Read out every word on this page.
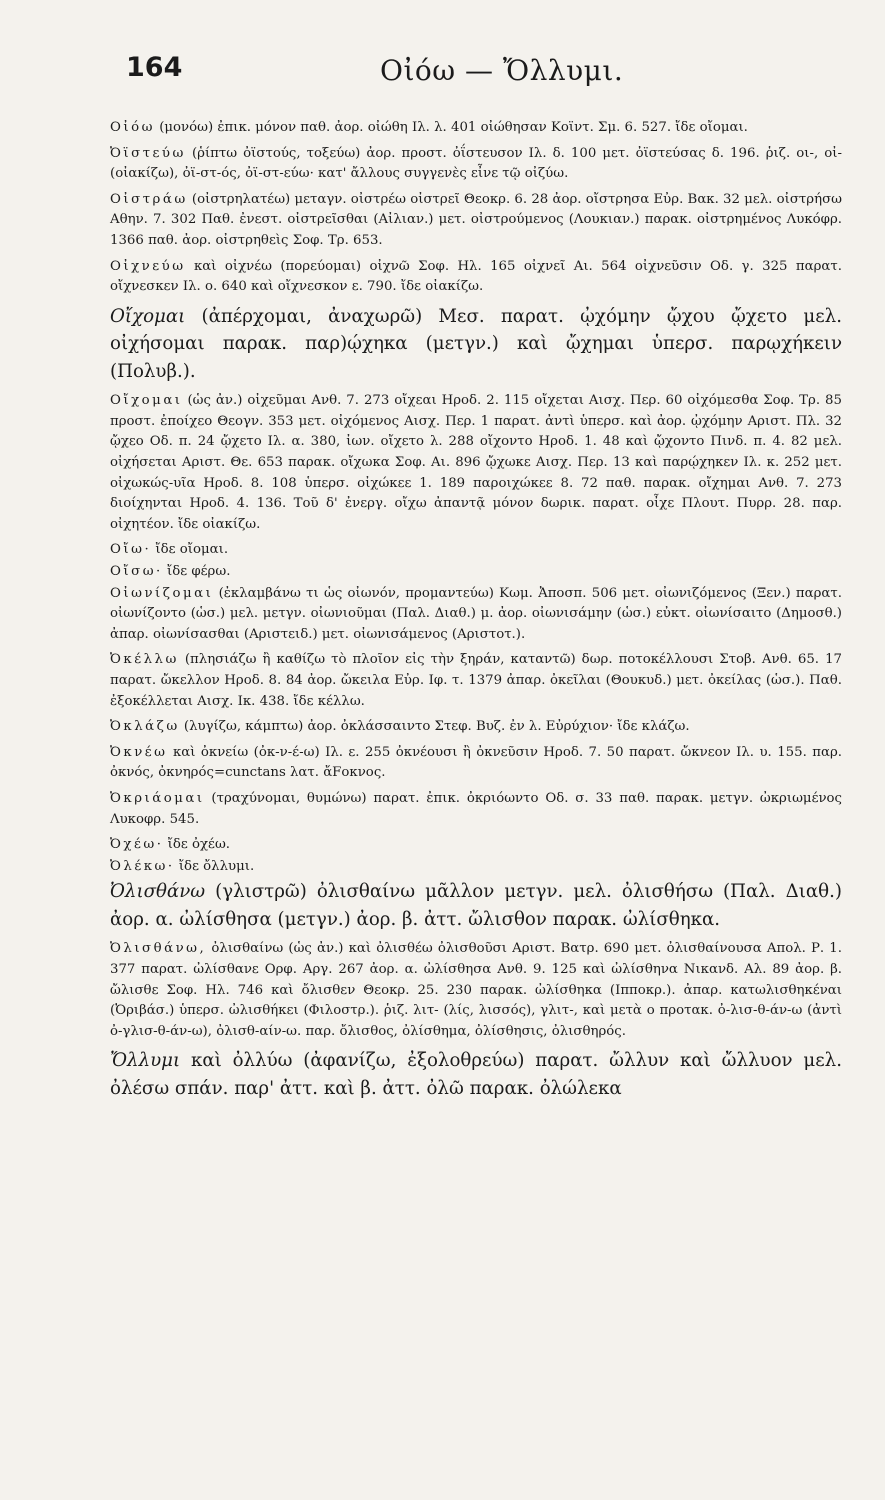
164	Οἰόω — Ὄλλυμι.

Οἰόω (μονόω) ἐπικ. μόνον παθ. ἀορ. οἰώθη Ιλ. λ. 401 οἰώθησαν Κοϊντ. Σμ. 6. 527. ἴδε οἴομαι.

Ὀϊστεύω (ῥίπτω ὀϊστούς, τοξεύω) ἀορ. προστ. ὀΐστευσον Ιλ. δ. 100 μετ. ὀϊστεύσας δ. 196. ῥιζ. οι-, οἰ- (οἰακίζω), ὀϊ-στ-ός, ὀϊ-στ-εύω· κατ' ἄλλους συγγενὲς εἶνε τῷ οἰζύω.

Οἰστράω (οἰστρηλατέω) μεταγν. οἰστρέω οἰστρεῖ Θεοκρ. 6. 28 ἀορ. οἴστρησα Εὐρ. Βακ. 32 μελ. οἰστρήσω Αθην. 7. 302 Παθ. ἐνεστ. οἰστρεῖσθαι (Αἰλιαν.) μετ. οἰστρούμενος (Λουκιαν.) παρακ. οἰστρημένος Λυκόφρ. 1366 παθ. ἀορ. οἰστρηθεὶς Σοφ. Τρ. 653.

Οἰχνεύω καὶ οἰχνέω (πορεύομαι) οἰχνῶ Σοφ. Ηλ. 165 οἰχνεῖ Αι. 564 οἰχνεῦσιν Οδ. γ. 325 παρατ. οἴχνεσκεν Ιλ. ο. 640 καὶ οἴχνεσκον ε. 790. ἴδε οἰακίζω.

Οἴχομαι (ἀπέρχομαι, ἀναχωρῶ) Μεσ. παρατ. ᾠχόμην ᾤχου ᾤχετο μελ. οἰχήσομαι παρακ. παρ)ῴχηκα (μετγν.) καὶ ᾤχημαι ὑπερσ. παρῳχήκειν (Πολυβ.).

Οἴχομαι (ὡς ἀν.) οἰχεῦμαι Ανθ. 7. 273 οἴχεαι Ηροδ. 2. 115 οἴχεται Αισχ. Περ. 60 οἰχόμεσθα Σοφ. Τρ. 85 προστ. ἐποίχεο Θεογν. 353 μετ. οἰχόμενος Αισχ. Περ. 1 παρατ. ἀντὶ ὑπερσ. καὶ ἀορ. ᾠχόμην Αριστ. Πλ. 32 ᾤχεο Οδ. π. 24 ᾤχετο Ιλ. α. 380, ἰων. οἴχετο λ. 288 οἴχοντο Ηροδ. 1. 48 καὶ ᾤχοντο Πινδ. π. 4. 82 μελ. οἰχήσεται Αριστ. Θε. 653 παρακ. οἴχωκα Σοφ. Αι. 896 ᾤχωκε Αισχ. Περ. 13 καὶ παρῴχηκεν Ιλ. κ. 252 μετ. οἰχωκώς-υῖα Ηροδ. 8. 108 ὑπερσ. οἰχώκεε 1. 189 παροιχώκεε 8. 72 παθ. παρακ. οἴχημαι Ανθ. 7. 273 διοίχηνται Ηροδ. 4. 136. Τοῦ δ' ἐνεργ. οἴχω ἀπαντᾷ μόνον δωρικ. παρατ. οἶχε Πλουτ. Πυρρ. 28. παρ. οἰχητέον. ἴδε οἰακίζω.

Οἴω· ἴδε οἴομαι.

Οἴσω· ἴδε φέρω.

Οἰωνίζομαι (ἐκλαμβάνω τι ὡς οἰωνόν, προμαντεύω) Κωμ. Ἀποσπ. 506 μετ. οἰωνιζόμενος (Ξεν.) παρατ. οἰωνίζοντο (ὡσ.) μελ. μετγν. οἰωνιοῦμαι (Παλ. Διαθ.) μ. ἀορ. οἰωνισάμην (ὡσ.) εὐκτ. οἰωνίσαιτο (Δημοσθ.) ἀπαρ. οἰωνίσασθαι (Αριστειδ.) μετ. οἰωνισάμενος (Αριστοτ.).

Ὀκέλλω (πλησιάζω ἢ καθίζω τὸ πλοῖον εἰς τὴν ξηράν, καταντῶ) δωρ. ποτοκέλλουσι Στοβ. Ανθ. 65. 17 παρατ. ὤκελλον Ηροδ. 8. 84 ἀορ. ὤκειλα Εὐρ. Ιφ. τ. 1379 ἀπαρ. ὀκεῖλαι (Θουκυδ.) μετ. ὀκείλας (ὡσ.). Παθ. ἐξοκέλλεται Αισχ. Ικ. 438. ἴδε κέλλω.

Ὀκλάζω (λυγίζω, κάμπτω) ἀορ. ὀκλάσσαιντο Στεφ. Βυζ. ἐν λ. Εὐρύχιον· ἴδε κλάζω.

Ὀκνέω καὶ ὀκνείω (ὀκ-ν-έ-ω) Ιλ. ε. 255 ὀκνέουσι ἢ ὀκνεῦσιν Ηροδ. 7. 50 παρατ. ὤκνεον Ιλ. υ. 155. παρ. ὀκνός, ὀκνηρός=cunctans λατ. ἄFοκνος.

Ὀκριάομαι (τραχύνομαι, θυμώνω) παρατ. ἐπικ. ὀκριόωντο Οδ. σ. 33 παθ. παρακ. μετγν. ὠκριωμένος Λυκοφρ. 545.

Ὀχέω· ἴδε ὀχέω.

Ὀλέκω· ἴδε ὄλλυμι.

Ὀλισθάνω (γλιστρῶ) ὀλισθαίνω μᾶλλον μετγν. μελ. ὀλισθήσω (Παλ. Διαθ.) ἀορ. α. ὠλίσθησα (μετγν.) ἀορ. β. ἀττ. ὤλισθον παρακ. ὠλίσθηκα.

Ὀλισθάνω, ὀλισθαίνω (ὡς ἀν.) καὶ ὀλισθέω ὀλισθοῦσι Αριστ. Βατρ. 690 μετ. ὀλισθαίνουσα Απολ. Ρ. 1. 377 παρατ. ὠλίσθανε Ορφ. Αργ. 267 ἀορ. α. ὠλίσθησα Ανθ. 9. 125 καὶ ὠλίσθηνα Νικανδ. Αλ. 89 ἀορ. β. ὤλισθε Σοφ. Ηλ. 746 καὶ ὄλισθεν Θεοκρ. 25. 230 παρακ. ὠλίσθηκα (Ιπποκρ.). ἀπαρ. κατωλισθηκέναι (Ὀριβάσ.) ὑπερσ. ὠλισθήκει (Φιλοστρ.). ῥιζ. λιτ- (λίς, λισσός), γλιτ-, καὶ μετὰ ο προτακ. ὀ-λισ-θ-άν-ω (ἀντὶ ὀ-γλισ-θ-άν-ω), ὀλισθ-αίν-ω. παρ. ὄλισθος, ὀλίσθημα, ὀλίσθησις, ὀλισθηρός.

Ὄλλυμι καὶ ὀλλύω (ἀφανίζω, ἐξολοθρεύω) παρατ. ὤλλυν καὶ ὤλλυον μελ. ὀλέσω σπάν. παρ' ἀττ. καὶ β. ἀττ. ὀλῶ παρακ. ὀλώλεκα
